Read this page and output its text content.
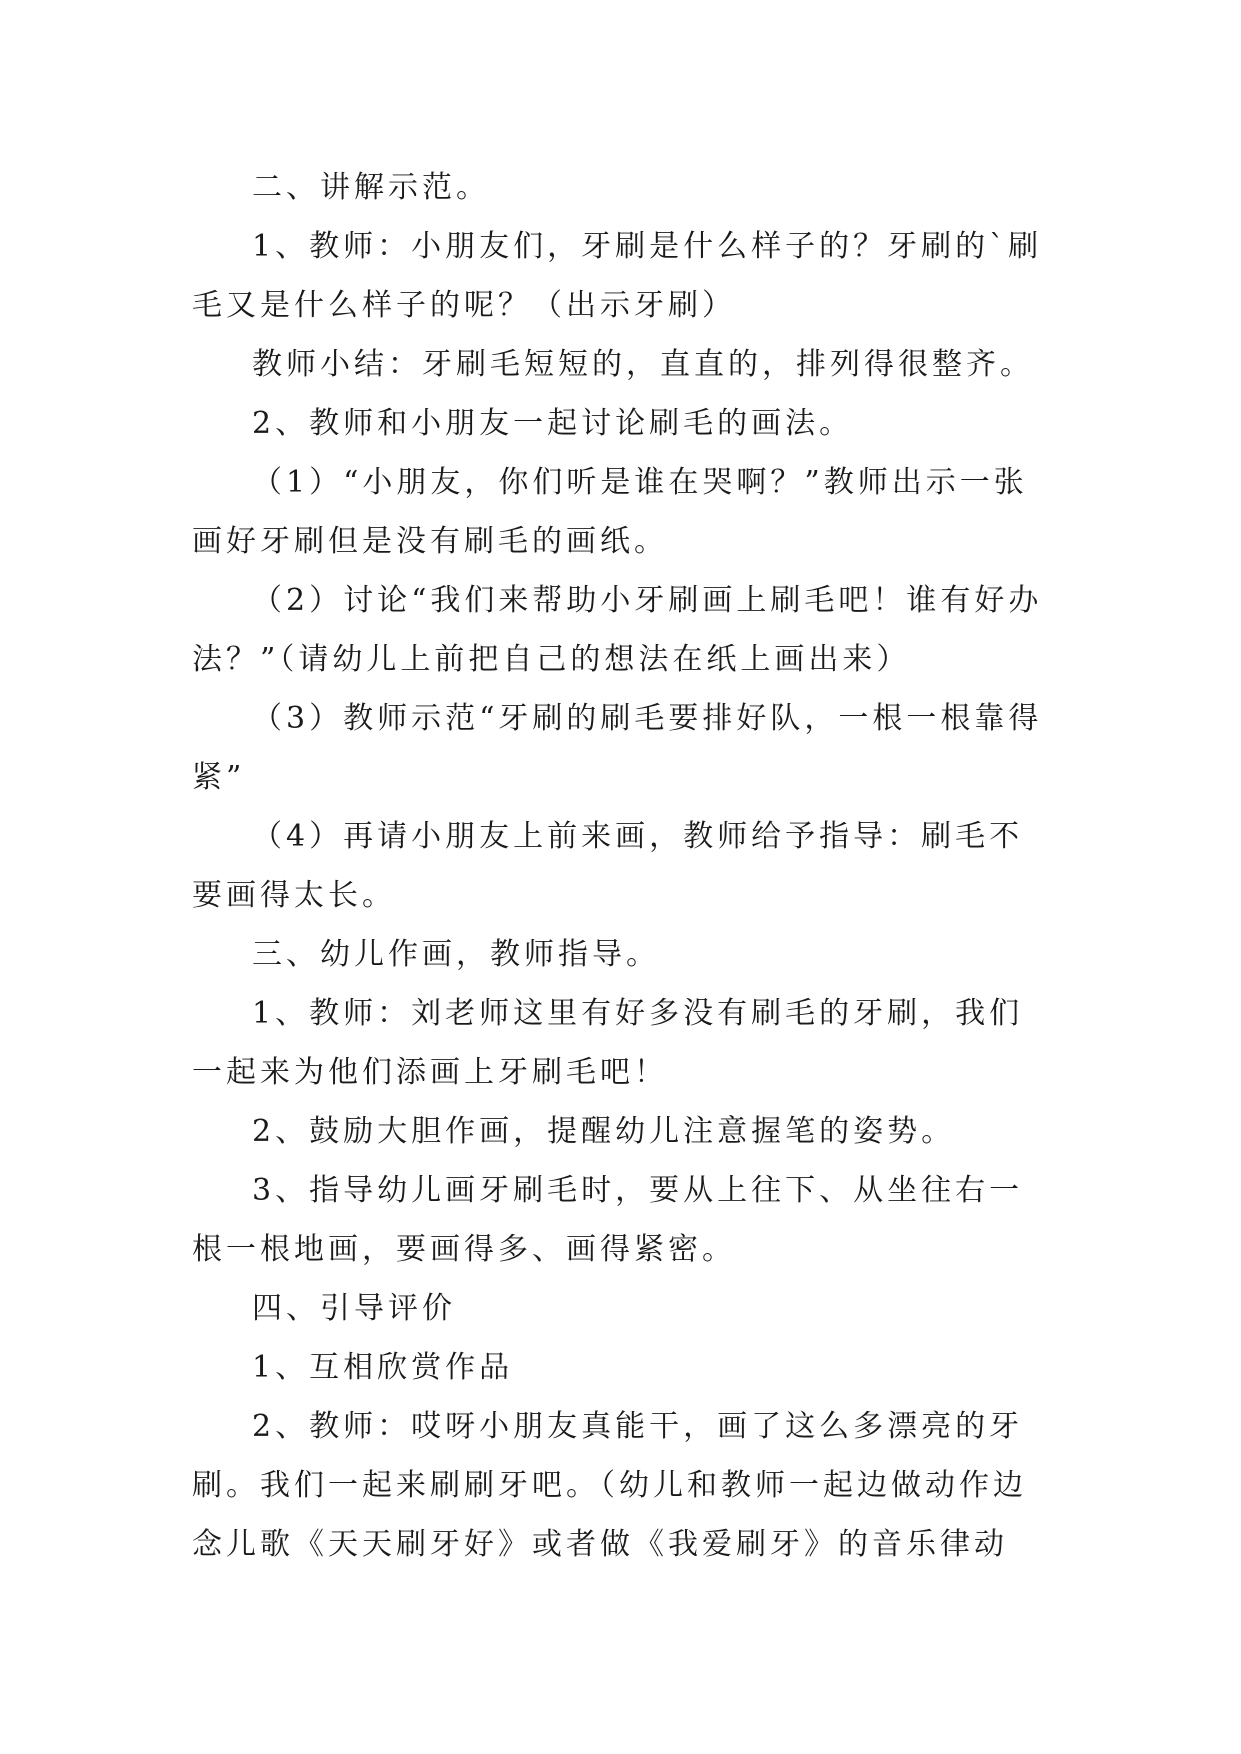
二、讲解示范。

1、教师：小朋友们，牙刷是什么样子的？牙刷的`刷毛又是什么样子的呢？（出示牙刷）

教师小结：牙刷毛短短的，直直的，排列得很整齐。

2、教师和小朋友一起讨论刷毛的画法。

（1）“小朋友，你们听是谁在哭啊？”教师出示一张画好牙刷但是没有刷毛的画纸。

（2）讨论“我们来帮助小牙刷画上刷毛吧！谁有好办法？”（请幼儿上前把自己的想法在纸上画出来）

（3）教师示范“牙刷的刷毛要排好队，一根一根靠得紧”

（4）再请小朋友上前来画，教师给予指导：刷毛不要画得太长。

三、幼儿作画，教师指导。

1、教师：刘老师这里有好多没有刷毛的牙刷，我们一起来为他们添画上牙刷毛吧！

2、鼓励大胆作画，提醒幼儿注意握笔的姿势。

3、指导幼儿画牙刷毛时，要从上往下、从坐往右一根一根地画，要画得多、画得紧密。

四、引导评价

1、互相欣赏作品

2、教师：哎呀小朋友真能干，画了这么多漂亮的牙刷。我们一起来刷刷牙吧。（幼儿和教师一起边做动作边念儿歌《天天刷牙好》或者做《我爱刷牙》的音乐律动
